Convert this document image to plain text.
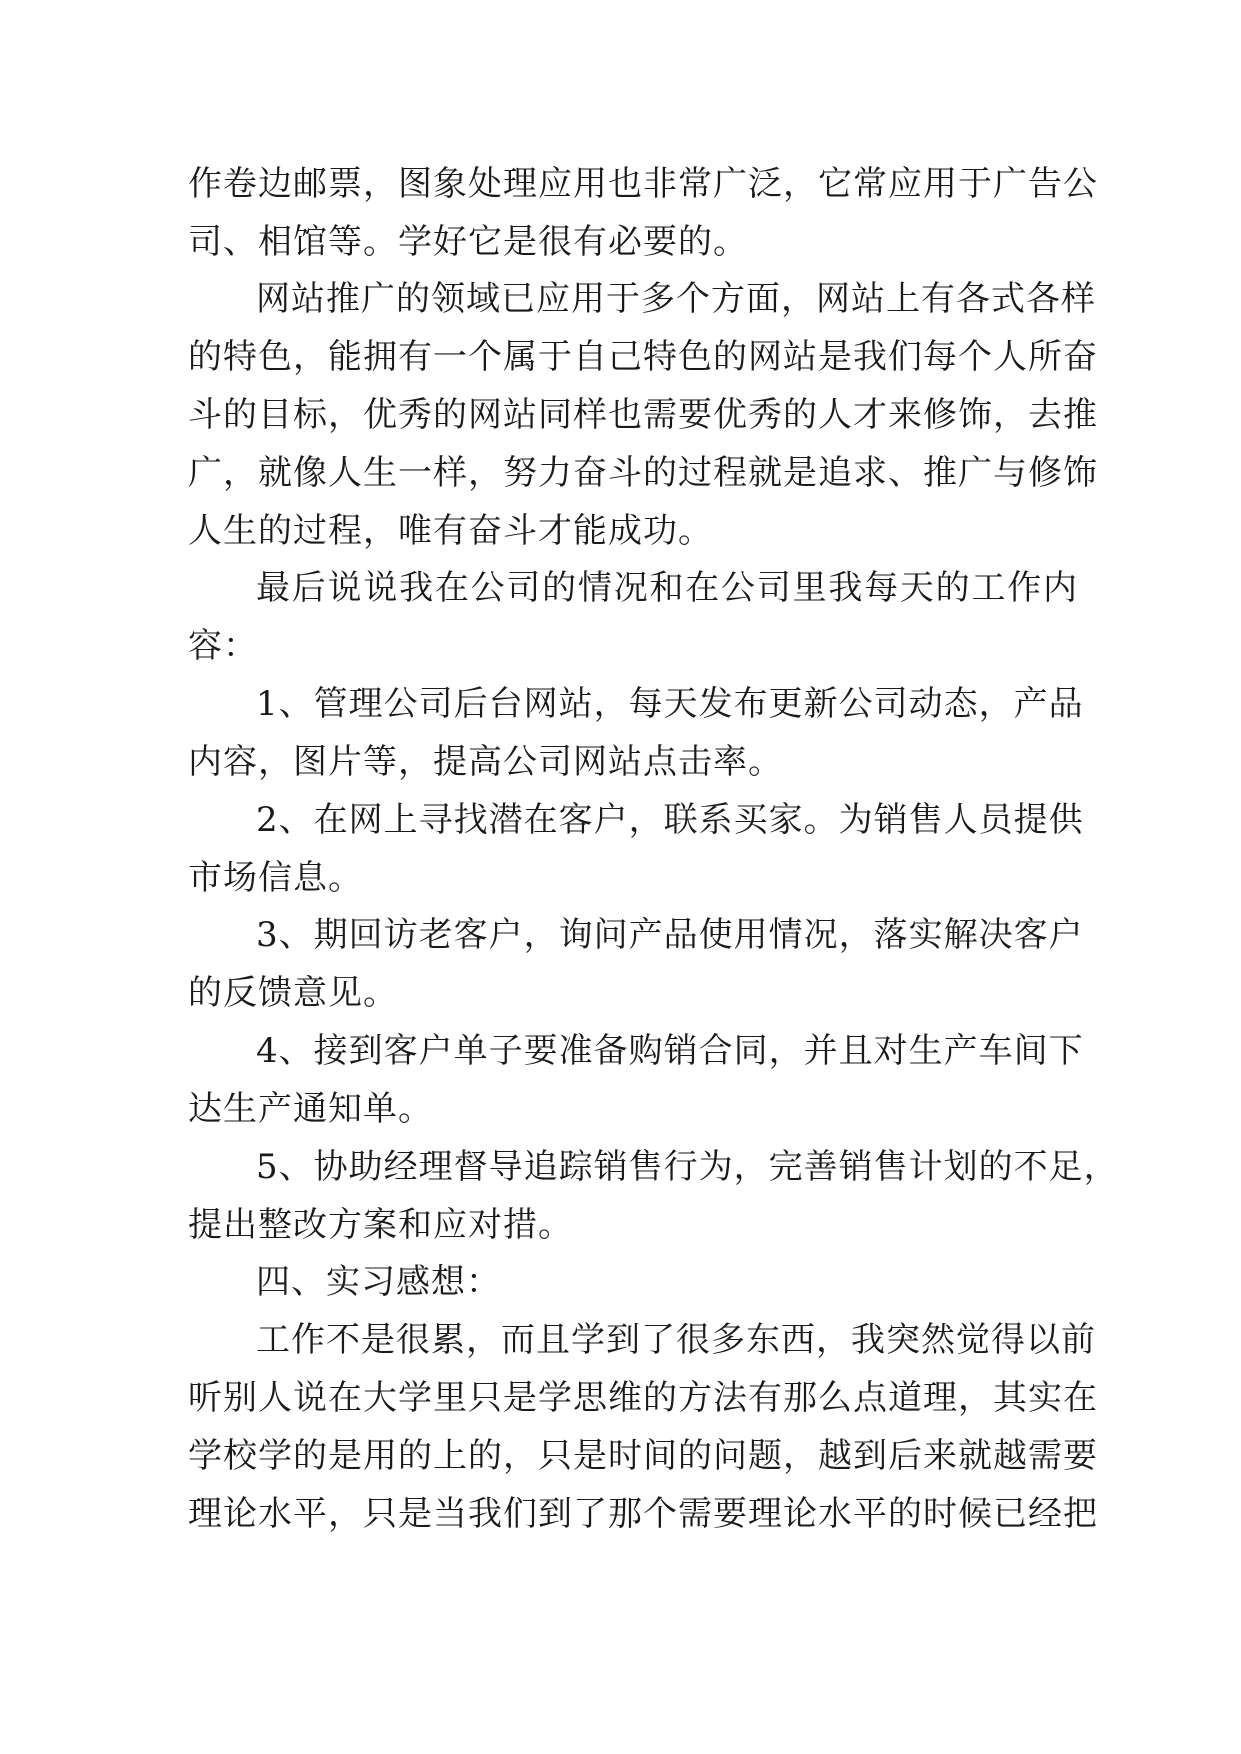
作卷边邮票，图象处理应用也非常广泛，它常应用于广告公
司、相馆等。学好它是很有必要的。
网站推广的领域已应用于多个方面，网站上有各式各样
的特色，能拥有一个属于自己特色的网站是我们每个人所奋
斗的目标，优秀的网站同样也需要优秀的人才来修饰，去推
广，就像人生一样，努力奋斗的过程就是追求、推广与修饰
人生的过程，唯有奋斗才能成功。
最后说说我在公司的情况和在公司里我每天的工作内
容：
1、管理公司后台网站，每天发布更新公司动态，产品
内容，图片等，提高公司网站点击率。
2、在网上寻找潜在客户，联系买家。为销售人员提供
市场信息。
3、期回访老客户，询问产品使用情况，落实解决客户
的反馈意见。
4、接到客户单子要准备购销合同，并且对生产车间下
达生产通知单。
5、协助经理督导追踪销售行为，完善销售计划的不足，
提出整改方案和应对措。
四、实习感想：
工作不是很累，而且学到了很多东西，我突然觉得以前
听别人说在大学里只是学思维的方法有那么点道理，其实在
学校学的是用的上的，只是时间的问题，越到后来就越需要
理论水平，只是当我们到了那个需要理论水平的时候已经把
